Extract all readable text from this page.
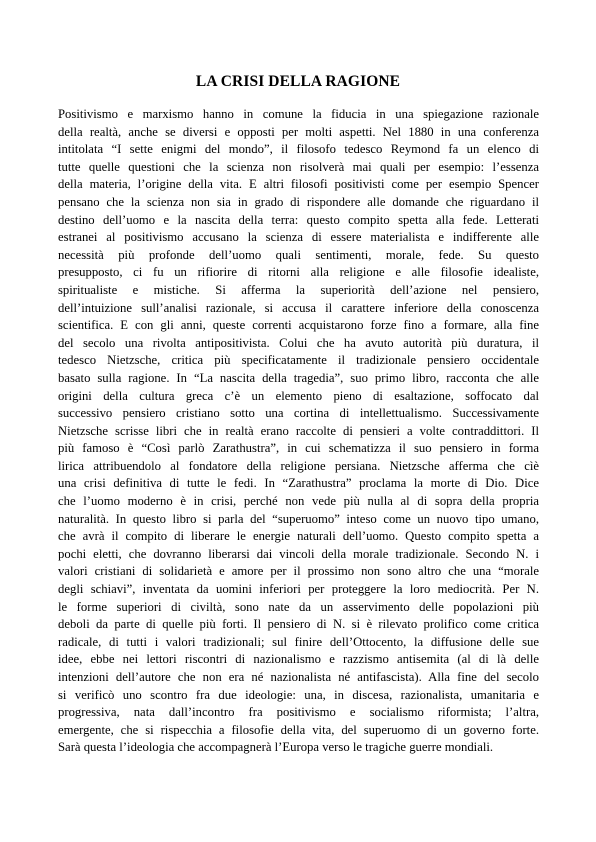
LA CRISI DELLA RAGIONE
Positivismo e marxismo hanno in comune la fiducia in una spiegazione razionale
della realtà, anche se diversi e opposti per molti aspetti. Nel 1880 in una conferenza
intitolata “I sette enigmi del mondo”, il filosofo tedesco Reymond fa un elenco di
tutte quelle questioni che la scienza non risolverà mai quali per esempio: l’essenza
della materia, l’origine della vita. E altri filosofi positivisti come per esempio Spencer
pensano che la scienza non sia in grado di rispondere alle domande che riguardano il
destino dell’uomo e la nascita della terra: questo compito spetta alla fede. Letterati
estranei al positivismo accusano la scienza di essere materialista e indifferente alle
necessità più profonde dell’uomo quali sentimenti, morale, fede. Su questo
presupposto, ci fu un rifiorire di ritorni alla religione e alle filosofie idealiste,
spiritualiste e mistiche. Si afferma la superiorità dell’azione nel pensiero,
dell’intuizione sull’analisi razionale, si accusa il carattere inferiore della conoscenza
scientifica. E con gli anni, queste correnti acquistarono forze fino a formare, alla fine
del secolo una rivolta antipositivista. Colui che ha avuto autorità più duratura, il
tedesco Nietzsche, critica più specificatamente il tradizionale pensiero occidentale
basato sulla ragione. In “La nascita della tragedia”, suo primo libro, racconta che alle
origini della cultura greca c’è un elemento pieno di esaltazione, soffocato dal
successivo pensiero cristiano sotto una cortina di intellettualismo. Successivamente
Nietzsche scrisse libri che in realtà erano raccolte di pensieri a volte contraddittori. Il
più famoso è “Così parlò Zarathustra”, in cui schematizza il suo pensiero in forma
lirica attribuendolo al fondatore della religione persiana. Nietzsche afferma che cìè
una crisi definitiva di tutte le fedi. In “Zarathustra” proclama la morte di Dio. Dice
che l’uomo moderno è in crisi, perché non vede più nulla al di sopra della propria
naturalità. In questo libro si parla del “superuomo” inteso come un nuovo tipo umano,
che avrà il compito di liberare le energie naturali dell’uomo. Questo compito spetta a
pochi eletti, che dovranno liberarsi dai vincoli della morale tradizionale. Secondo N. i
valori cristiani di solidarietà e amore per il prossimo non sono altro che una “morale
degli schiavi”, inventata da uomini inferiori per proteggere la loro mediocrità. Per N.
le forme superiori di civiltà, sono nate da un asservimento delle popolazioni più
deboli da parte di quelle più forti. Il pensiero di N. si è rilevato prolifico come critica
radicale, di tutti i valori tradizionali; sul finire dell’Ottocento, la diffusione delle sue
idee, ebbe nei lettori riscontri di nazionalismo e razzismo antisemita (al di là delle
intenzioni dell’autore che non era né nazionalista né antifascista). Alla fine del secolo
si verificò uno scontro fra due ideologie: una, in discesa, razionalista, umanitaria e
progressiva, nata dall’incontro fra positivismo e socialismo riformista; l’altra,
emergente, che si rispecchia a filosofie della vita, del superuomo di un governo forte.
Sarà questa l’ideologia che accompagnerà l’Europa verso le tragiche guerre mondiali.
